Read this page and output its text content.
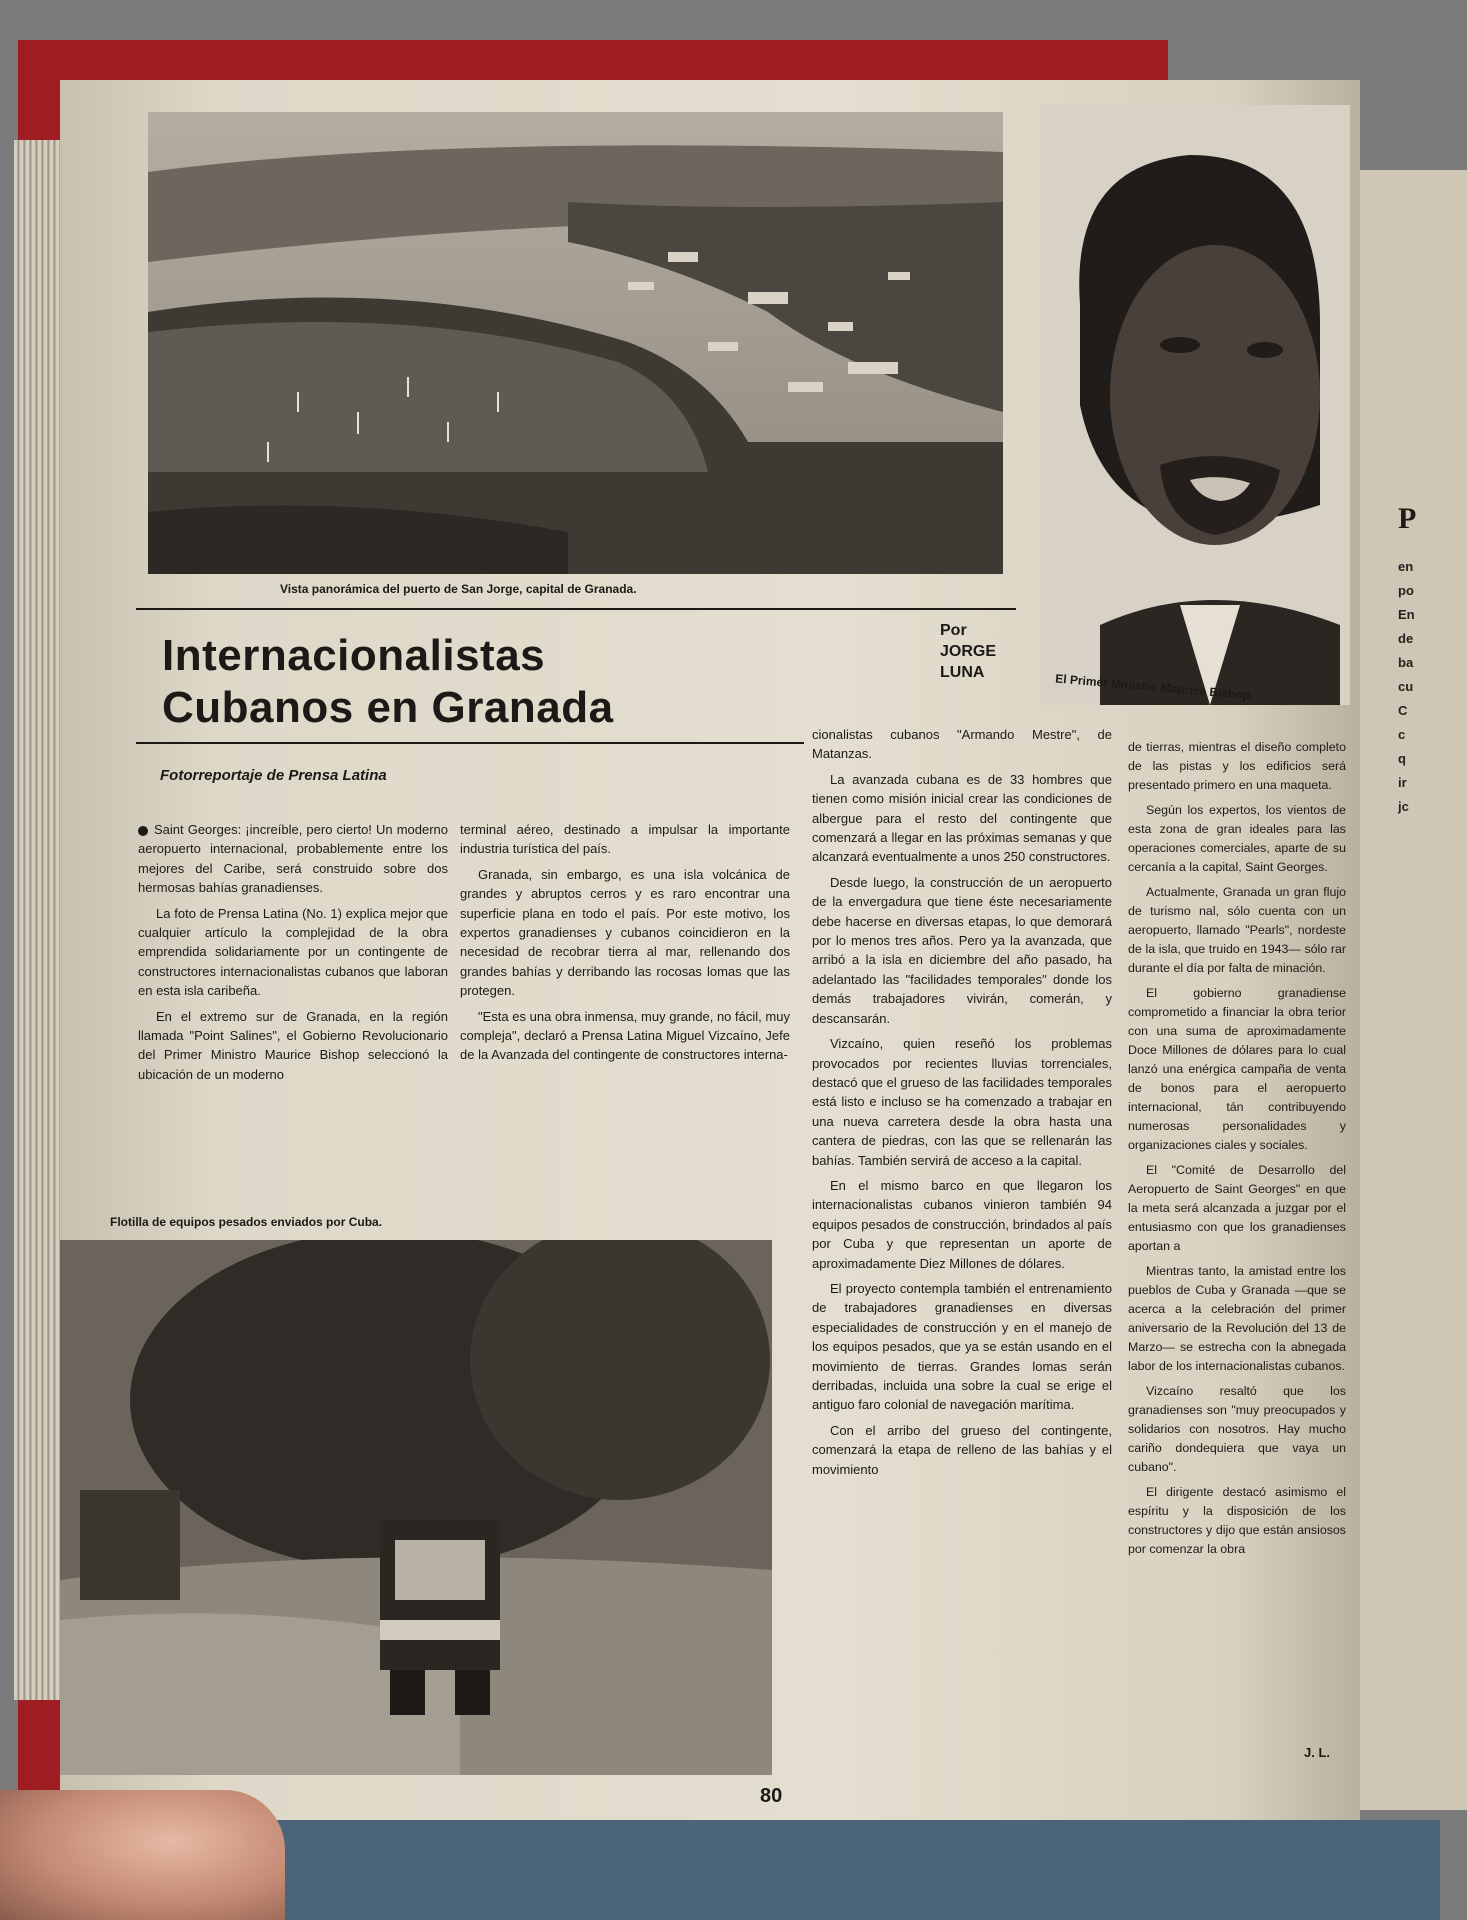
P
en
po
En
de
ba
cu
C
c
q
ir
jc
Vista panorámica del puerto de San Jorge, capital de Granada.
El Primer Ministro Maurice Bishop.
Internacionalistas
Cubanos en Granada
Por
JORGE
LUNA
Fotorreportaje de Prensa Latina

Saint Georges: ¡increíble, pero cierto! Un moderno aeropuerto internacional, probablemente entre los mejores del Caribe, será construido sobre dos hermosas bahías granadienses.

La foto de Prensa Latina (No. 1) explica mejor que cualquier artículo la complejidad de la obra emprendida solidariamente por un contingente de constructores internacionalistas cubanos que laboran en esta isla caribeña.

En el extremo sur de Granada, en la región llamada "Point Salines", el Gobierno Revolucionario del Primer Ministro Maurice Bishop seleccionó la ubicación de un moderno

terminal aéreo, destinado a impulsar la importante industria turística del país.

Granada, sin embargo, es una isla volcánica de grandes y abruptos cerros y es raro encontrar una superficie plana en todo el país. Por este motivo, los expertos granadienses y cubanos coincidieron en la necesidad de recobrar tierra al mar, rellenando dos grandes bahías y derribando las rocosas lomas que las protegen.

"Esta es una obra inmensa, muy grande, no fácil, muy compleja", declaró a Prensa Latina Miguel Vizcaíno, Jefe de la Avanzada del contingente de constructores interna-

Flotilla de equipos pesados enviados por Cuba.

cionalistas cubanos "Armando Mestre", de Matanzas.

La avanzada cubana es de 33 hombres que tienen como misión inicial crear las condiciones de albergue para el resto del contingente que comenzará a llegar en las próximas semanas y que alcanzará eventualmente a unos 250 constructores.

Desde luego, la construcción de un aeropuerto de la envergadura que tiene éste necesariamente debe hacerse en diversas etapas, lo que demorará por lo menos tres años. Pero ya la avanzada, que arribó a la isla en diciembre del año pasado, ha adelantado las "facilidades temporales" donde los demás trabajadores vivirán, comerán, y descansarán.

Vizcaíno, quien reseñó los problemas provocados por recientes lluvias torrenciales, destacó que el grueso de las facilidades temporales está listo e incluso se ha comenzado a trabajar en una nueva carretera desde la obra hasta una cantera de piedras, con las que se rellenarán las bahías. También servirá de acceso a la capital.

En el mismo barco en que llegaron los internacionalistas cubanos vinieron también 94 equipos pesados de construcción, brindados al país por Cuba y que representan un aporte de aproximadamente Diez Millones de dólares.

El proyecto contempla también el entrenamiento de trabajadores granadienses en diversas especialidades de construcción y en el manejo de los equipos pesados, que ya se están usando en el movimiento de tierras. Grandes lomas serán derribadas, incluida una sobre la cual se erige el antiguo faro colonial de navegación marítima.

Con el arribo del grueso del contingente, comenzará la etapa de relleno de las bahías y el movimiento

de tierras, mientras el diseño completo de las pistas y los edificios será presentado primero en una maqueta.

Según los expertos, los vientos de esta zona de gran ideales para las operaciones comerciales, aparte de su cercanía a la capital, Saint Georges.

Actualmente, Granada un gran flujo de turismo nal, sólo cuenta con un aeropuerto, llamado "Pearls", nordeste de la isla, que truido en 1943— sólo rar durante el día por falta de minación.

El gobierno granadiense comprometido a financiar la obra terior con una suma de aproximadamente Doce Millones de dólares para lo cual lanzó una enérgica campaña de venta de bonos para el aeropuerto internacional, tán contribuyendo numerosas personalidades y organizaciones ciales y sociales.

El "Comité de Desarrollo del Aeropuerto de Saint Georges" en que la meta será alcanzada a juzgar por el entusiasmo con que los granadienses aportan a

Mientras tanto, la amistad entre los pueblos de Cuba y Granada —que se acerca a la celebración del primer aniversario de la Revolución del 13 de Marzo— se estrecha con la abnegada labor de los internacionalistas cubanos.

Vizcaíno resaltó que los granadienses son "muy preocupados y solidarios con nosotros. Hay mucho cariño dondequiera que vaya un cubano".

El dirigente destacó asimismo el espíritu y la disposición de los constructores y dijo que están ansiosos por comenzar la obra

J. L.
80
